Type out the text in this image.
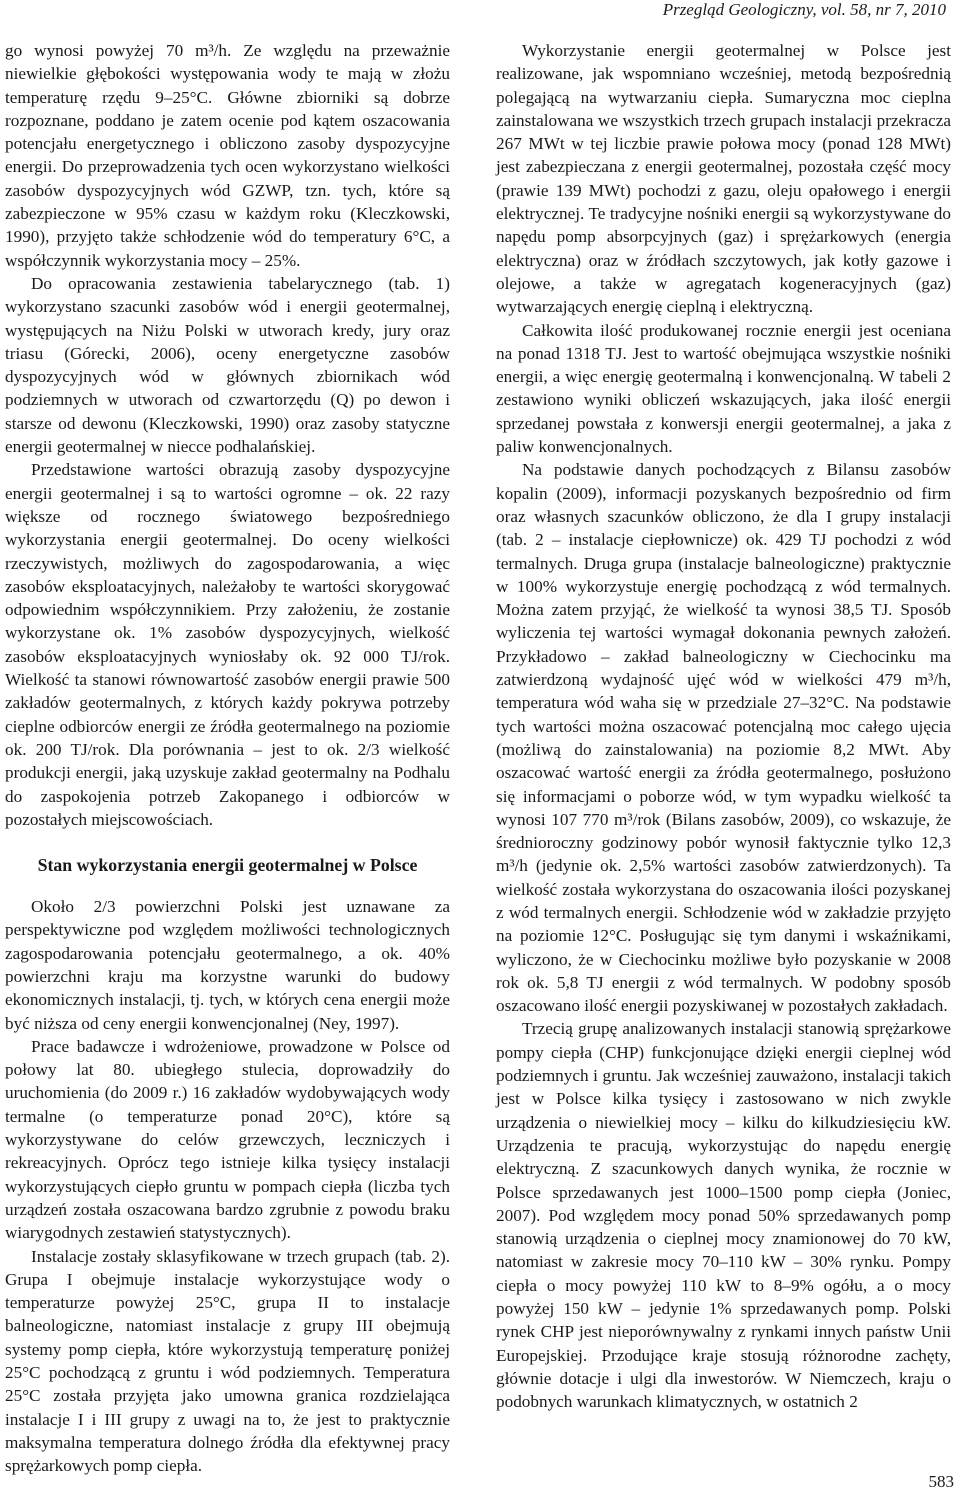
Przegląd Geologiczny, vol. 58, nr 7, 2010

go wynosi powyżej 70 m³/h. Ze względu na przeważnie niewielkie głębokości występowania wody te mają w złożu temperaturę rzędu 9–25°C. Główne zbiorniki są dobrze rozpoznane, poddano je zatem ocenie pod kątem oszacowania potencjału energetycznego i obliczono zasoby dyspozycyjne energii. Do przeprowadzenia tych ocen wykorzystano wielkości zasobów dyspozycyjnych wód GZWP, tzn. tych, które są zabezpieczone w 95% czasu w każdym roku (Kleczkowski, 1990), przyjęto także schłodzenie wód do temperatury 6°C, a współczynnik wykorzystania mocy – 25%.

Do opracowania zestawienia tabelarycznego (tab. 1) wykorzystano szacunki zasobów wód i energii geotermalnej, występujących na Niżu Polski w utworach kredy, jury oraz triasu (Górecki, 2006), oceny energetyczne zasobów dyspozycyjnych wód w głównych zbiornikach wód podziemnych w utworach od czwartorzędu (Q) po dewon i starsze od dewonu (Kleczkowski, 1990) oraz zasoby statyczne energii geotermalnej w niecce podhalańskiej.

Przedstawione wartości obrazują zasoby dyspozycyjne energii geotermalnej i są to wartości ogromne – ok. 22 razy większe od rocznego światowego bezpośredniego wykorzystania energii geotermalnej. Do oceny wielkości rzeczywistych, możliwych do zagospodarowania, a więc zasobów eksploatacyjnych, należałoby te wartości skorygować odpowiednim współczynnikiem. Przy założeniu, że zostanie wykorzystane ok. 1% zasobów dyspozycyjnych, wielkość zasobów eksploatacyjnych wyniosłaby ok. 92 000 TJ/rok. Wielkość ta stanowi równowartość zasobów energii prawie 500 zakładów geotermalnych, z których każdy pokrywa potrzeby cieplne odbiorców energii ze źródła geotermalnego na poziomie ok. 200 TJ/rok. Dla porównania – jest to ok. 2/3 wielkość produkcji energii, jaką uzyskuje zakład geotermalny na Podhalu do zaspokojenia potrzeb Zakopanego i odbiorców w pozostałych miejscowościach.

Stan wykorzystania energii geotermalnej w Polsce

Około 2/3 powierzchni Polski jest uznawane za perspektywiczne pod względem możliwości technologicznych zagospodarowania potencjału geotermalnego, a ok. 40% powierzchni kraju ma korzystne warunki do budowy ekonomicznych instalacji, tj. tych, w których cena energii może być niższa od ceny energii konwencjonalnej (Ney, 1997).

Prace badawcze i wdrożeniowe, prowadzone w Polsce od połowy lat 80. ubiegłego stulecia, doprowadziły do uruchomienia (do 2009 r.) 16 zakładów wydobywających wody termalne (o temperaturze ponad 20°C), które są wykorzystywane do celów grzewczych, leczniczych i rekreacyjnych. Oprócz tego istnieje kilka tysięcy instalacji wykorzystujących ciepło gruntu w pompach ciepła (liczba tych urządzeń została oszacowana bardzo zgrubnie z powodu braku wiarygodnych zestawień statystycznych).

Instalacje zostały sklasyfikowane w trzech grupach (tab. 2). Grupa I obejmuje instalacje wykorzystujące wody o temperaturze powyżej 25°C, grupa II to instalacje balneologiczne, natomiast instalacje z grupy III obejmują systemy pomp ciepła, które wykorzystują temperaturę poniżej 25°C pochodzącą z gruntu i wód podziemnych. Temperatura 25°C została przyjęta jako umowna granica rozdzielająca instalacje I i III grupy z uwagi na to, że jest to praktycznie maksymalna temperatura dolnego źródła dla efektywnej pracy sprężarkowych pomp ciepła.

Wykorzystanie energii geotermalnej w Polsce jest realizowane, jak wspomniano wcześniej, metodą bezpośrednią polegającą na wytwarzaniu ciepła. Sumaryczna moc cieplna zainstalowana we wszystkich trzech grupach instalacji przekracza 267 MWt w tej liczbie prawie połowa mocy (ponad 128 MWt) jest zabezpieczana z energii geotermalnej, pozostała część mocy (prawie 139 MWt) pochodzi z gazu, oleju opałowego i energii elektrycznej. Te tradycyjne nośniki energii są wykorzystywane do napędu pomp absorpcyjnych (gaz) i sprężarkowych (energia elektryczna) oraz w źródłach szczytowych, jak kotły gazowe i olejowe, a także w agregatach kogeneracyjnych (gaz) wytwarzających energię cieplną i elektryczną.

Całkowita ilość produkowanej rocznie energii jest oceniana na ponad 1318 TJ. Jest to wartość obejmująca wszystkie nośniki energii, a więc energię geotermalną i konwencjonalną. W tabeli 2 zestawiono wyniki obliczeń wskazujących, jaka ilość energii sprzedanej powstała z konwersji energii geotermalnej, a jaka z paliw konwencjonalnych.

Na podstawie danych pochodzących z Bilansu zasobów kopalin (2009), informacji pozyskanych bezpośrednio od firm oraz własnych szacunków obliczono, że dla I grupy instalacji (tab. 2 – instalacje ciepłownicze) ok. 429 TJ pochodzi z wód termalnych. Druga grupa (instalacje balneologiczne) praktycznie w 100% wykorzystuje energię pochodzącą z wód termalnych. Można zatem przyjąć, że wielkość ta wynosi 38,5 TJ. Sposób wyliczenia tej wartości wymagał dokonania pewnych założeń. Przykładowo – zakład balneologiczny w Ciechocinku ma zatwierdzoną wydajność ujęć wód w wielkości 479 m³/h, temperatura wód waha się w przedziale 27–32°C. Na podstawie tych wartości można oszacować potencjalną moc całego ujęcia (możliwą do zainstalowania) na poziomie 8,2 MWt. Aby oszacować wartość energii za źródła geotermalnego, posłużono się informacjami o poborze wód, w tym wypadku wielkość ta wynosi 107 770 m³/rok (Bilans zasobów, 2009), co wskazuje, że średnioroczny godzinowy pobór wynosił faktycznie tylko 12,3 m³/h (jedynie ok. 2,5% wartości zasobów zatwierdzonych). Ta wielkość została wykorzystana do oszacowania ilości pozyskanej z wód termalnych energii. Schłodzenie wód w zakładzie przyjęto na poziomie 12°C. Posługując się tym danymi i wskaźnikami, wyliczono, że w Ciechocinku możliwe było pozyskanie w 2008 rok ok. 5,8 TJ energii z wód termalnych. W podobny sposób oszacowano ilość energii pozyskiwanej w pozostałych zakładach.

Trzecią grupę analizowanych instalacji stanowią sprężarkowe pompy ciepła (CHP) funkcjonujące dzięki energii cieplnej wód podziemnych i gruntu. Jak wcześniej zauważono, instalacji takich jest w Polsce kilka tysięcy i zastosowano w nich zwykle urządzenia o niewielkiej mocy – kilku do kilkudziesięciu kW. Urządzenia te pracują, wykorzystując do napędu energię elektryczną. Z szacunkowych danych wynika, że rocznie w Polsce sprzedawanych jest 1000–1500 pomp ciepła (Joniec, 2007). Pod względem mocy ponad 50% sprzedawanych pomp stanowią urządzenia o cieplnej mocy znamionowej do 70 kW, natomiast w zakresie mocy 70–110 kW – 30% rynku. Pompy ciepła o mocy powyżej 110 kW to 8–9% ogółu, a o mocy powyżej 150 kW – jedynie 1% sprzedawanych pomp. Polski rynek CHP jest nieporównywalny z rynkami innych państw Unii Europejskiej. Przodujące kraje stosują różnorodne zachęty, głównie dotacje i ulgi dla inwestorów. W Niemczech, kraju o podobnych warunkach klimatycznych, w ostatnich 2

583
